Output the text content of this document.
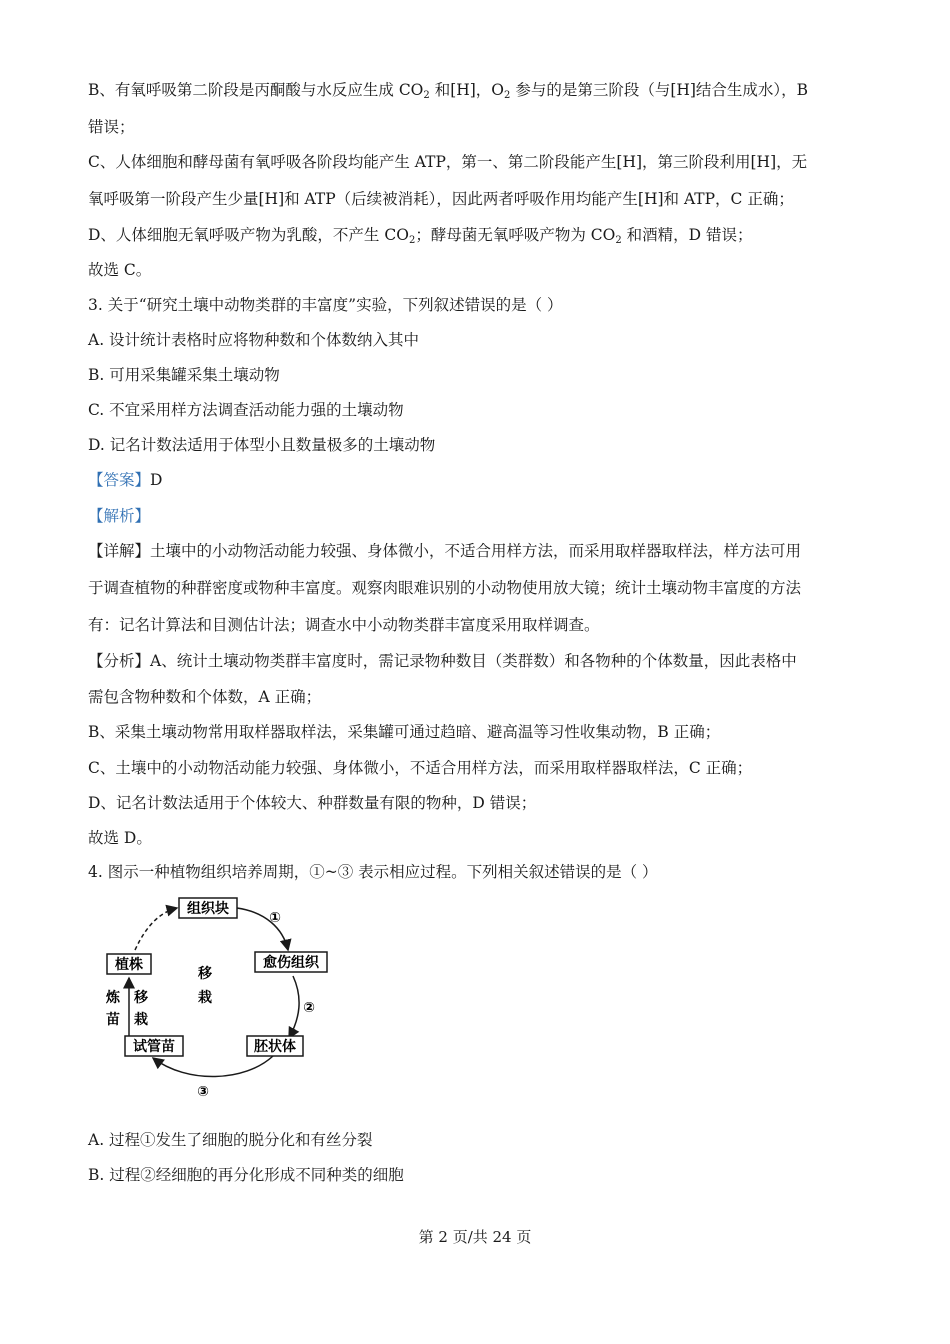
B、有氧呼吸第二阶段是丙酮酸与水反应生成 $CO_2$ 和[H]，$O_2$ 参与的是第三阶段（与[H]结合生成水），B
错误；
C、人体细胞和酵母菌有氧呼吸各阶段均能产生 ATP，第一、第二阶段能产生[H]，第三阶段利用[H]，无
氧呼吸第一阶段产生少量[H]和 ATP（后续被消耗），因此两者呼吸作用均能产生[H]和 ATP，C 正确；
D、人体细胞无氧呼吸产物为乳酸，不产生 $CO_2$；酵母菌无氧呼吸产物为 $CO_2$ 和酒精，D 错误；
故选 C。
3. 关于“研究土壤中动物类群的丰富度”实验，下列叙述错误的是（ ）
A. 设计统计表格时应将物种数和个体数纳入其中
B. 可用采集罐采集土壤动物
C. 不宜采用样方法调查活动能力强的土壤动物
D. 记名计数法适用于体型小且数量极多的土壤动物
【答案】D
【解析】
【详解】土壤中的小动物活动能力较强、身体微小，不适合用样方法，而采用取样器取样法，样方法可用
于调查植物的种群密度或物种丰富度。观察肉眼难识别的小动物使用放大镜；统计土壤动物丰富度的方法
有：记名计算法和目测估计法；调查水中小动物类群丰富度采用取样调查。
【分析】A、统计土壤动物类群丰富度时，需记录物种数目（类群数）和各物种的个体数量，因此表格中
需包含物种数和个体数，A 正确；
B、采集土壤动物常用取样器取样法，采集罐可通过趋暗、避高温等习性收集动物，B 正确；
C、土壤中的小动物活动能力较强、身体微小，不适合用样方法，而采用取样器取样法，C 正确；
D、记名计数法适用于个体较大、种群数量有限的物种，D 错误；
故选 D。
4. 图示一种植物组织培养周期，①~③ 表示相应过程。下列相关叙述错误的是（ ）
组织块
愈伤组织
胚状体
试管苗
植株
①
②
③
移
栽
炼
苗
移
栽
A. 过程①发生了细胞的脱分化和有丝分裂
B. 过程②经细胞的再分化形成不同种类的细胞
第 2 页/共 24 页
